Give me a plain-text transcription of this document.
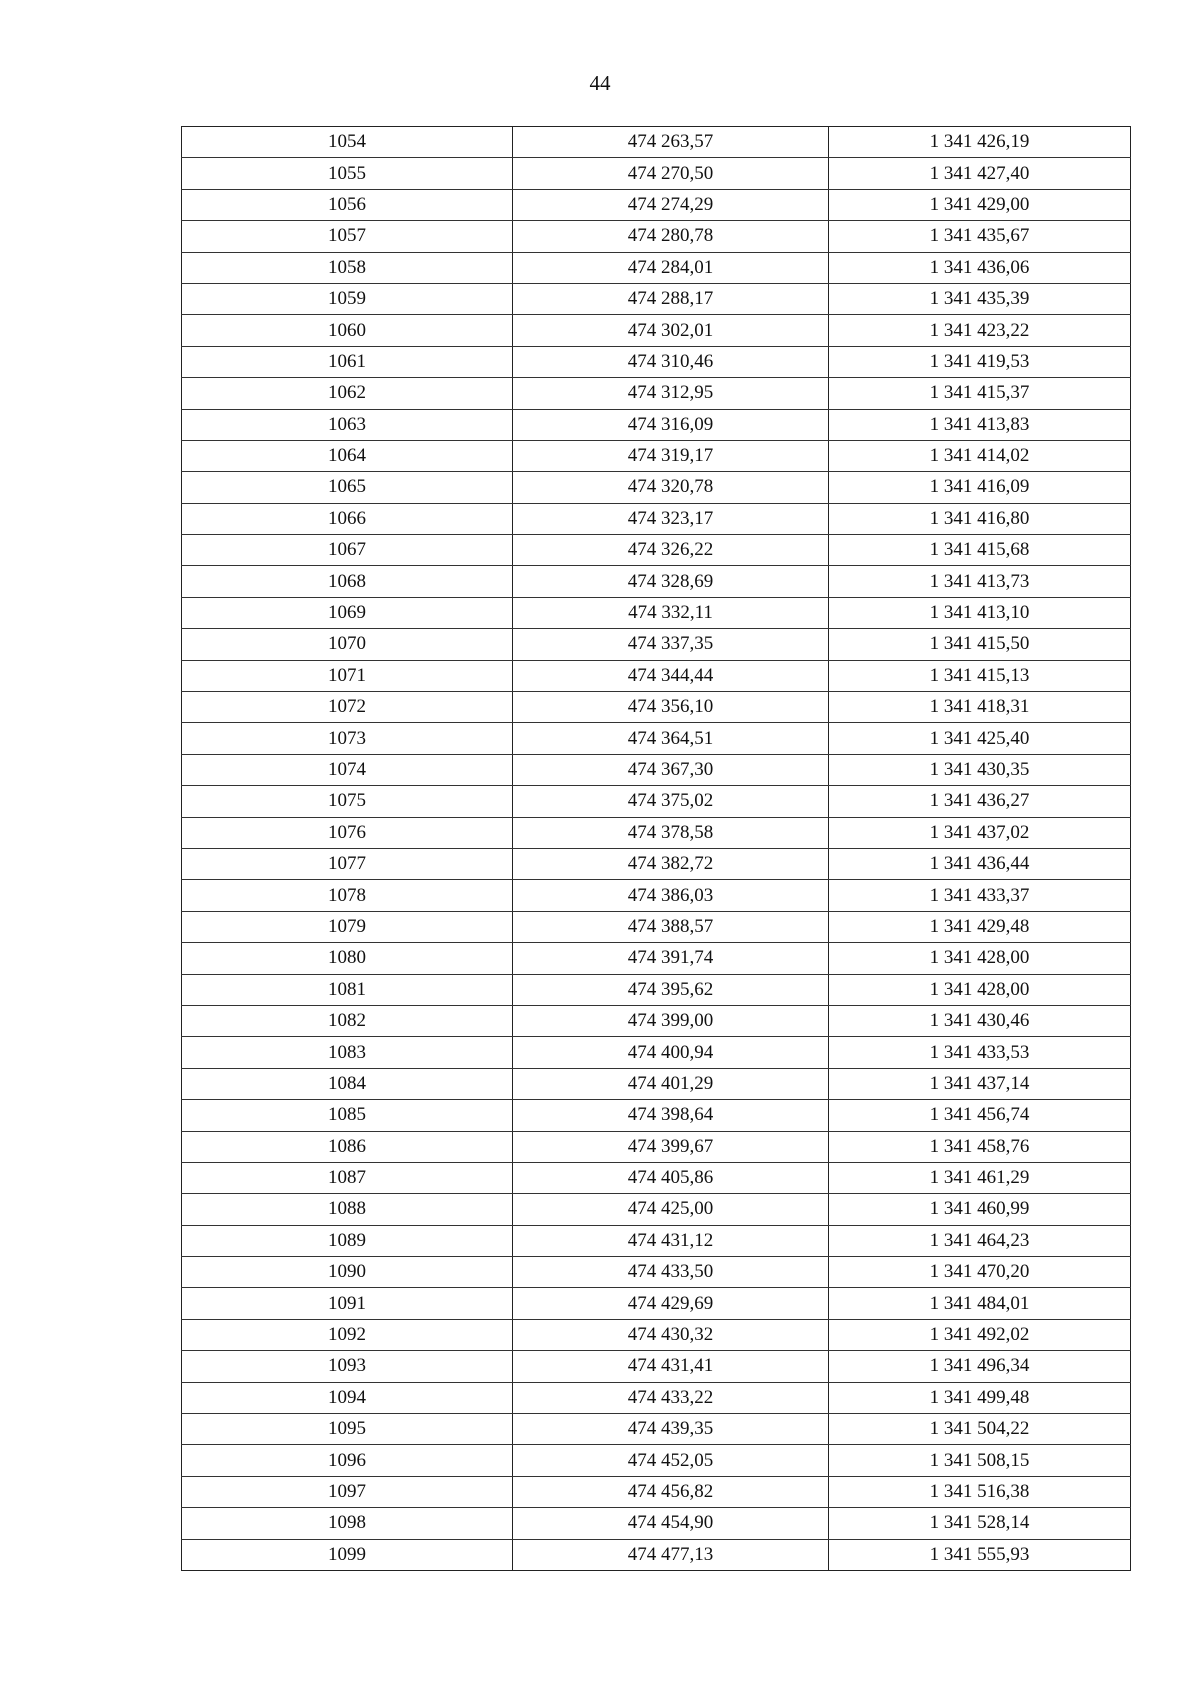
44
1054	474 263,57	1 341 426,19
1055	474 270,50	1 341 427,40
1056	474 274,29	1 341 429,00
1057	474 280,78	1 341 435,67
1058	474 284,01	1 341 436,06
1059	474 288,17	1 341 435,39
1060	474 302,01	1 341 423,22
1061	474 310,46	1 341 419,53
1062	474 312,95	1 341 415,37
1063	474 316,09	1 341 413,83
1064	474 319,17	1 341 414,02
1065	474 320,78	1 341 416,09
1066	474 323,17	1 341 416,80
1067	474 326,22	1 341 415,68
1068	474 328,69	1 341 413,73
1069	474 332,11	1 341 413,10
1070	474 337,35	1 341 415,50
1071	474 344,44	1 341 415,13
1072	474 356,10	1 341 418,31
1073	474 364,51	1 341 425,40
1074	474 367,30	1 341 430,35
1075	474 375,02	1 341 436,27
1076	474 378,58	1 341 437,02
1077	474 382,72	1 341 436,44
1078	474 386,03	1 341 433,37
1079	474 388,57	1 341 429,48
1080	474 391,74	1 341 428,00
1081	474 395,62	1 341 428,00
1082	474 399,00	1 341 430,46
1083	474 400,94	1 341 433,53
1084	474 401,29	1 341 437,14
1085	474 398,64	1 341 456,74
1086	474 399,67	1 341 458,76
1087	474 405,86	1 341 461,29
1088	474 425,00	1 341 460,99
1089	474 431,12	1 341 464,23
1090	474 433,50	1 341 470,20
1091	474 429,69	1 341 484,01
1092	474 430,32	1 341 492,02
1093	474 431,41	1 341 496,34
1094	474 433,22	1 341 499,48
1095	474 439,35	1 341 504,22
1096	474 452,05	1 341 508,15
1097	474 456,82	1 341 516,38
1098	474 454,90	1 341 528,14
1099	474 477,13	1 341 555,93
